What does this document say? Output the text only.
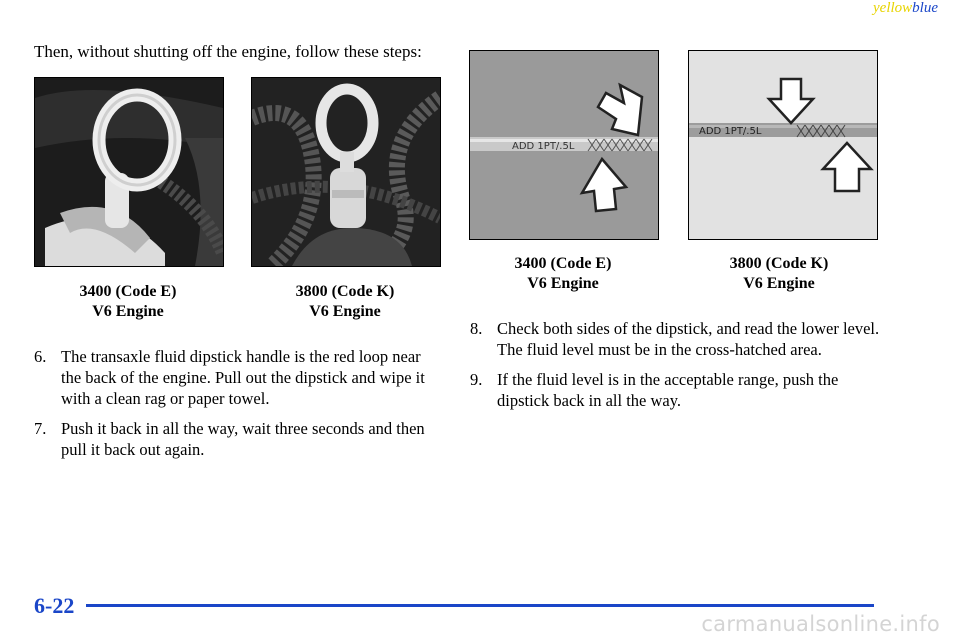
yellowblue

Then, without shutting off the engine, follow these steps:

ADD 1PT/.5L
ADD 1PT/.5L

3400 (Code E)
V6 Engine

3800 (Code K)
V6 Engine

3400 (Code E)
V6 Engine

3800 (Code K)
V6 Engine

6. The transaxle fluid dipstick handle is the red loop near the back of the engine. Pull out the dipstick and wipe it with a clean rag or paper towel.
7. Push it back in all the way, wait three seconds and then pull it back out again.
8. Check both sides of the dipstick, and read the lower level. The fluid level must be in the cross-hatched area.
9. If the fluid level is in the acceptable range, push the dipstick back in all the way.
6-22
carmanualsonline.info
